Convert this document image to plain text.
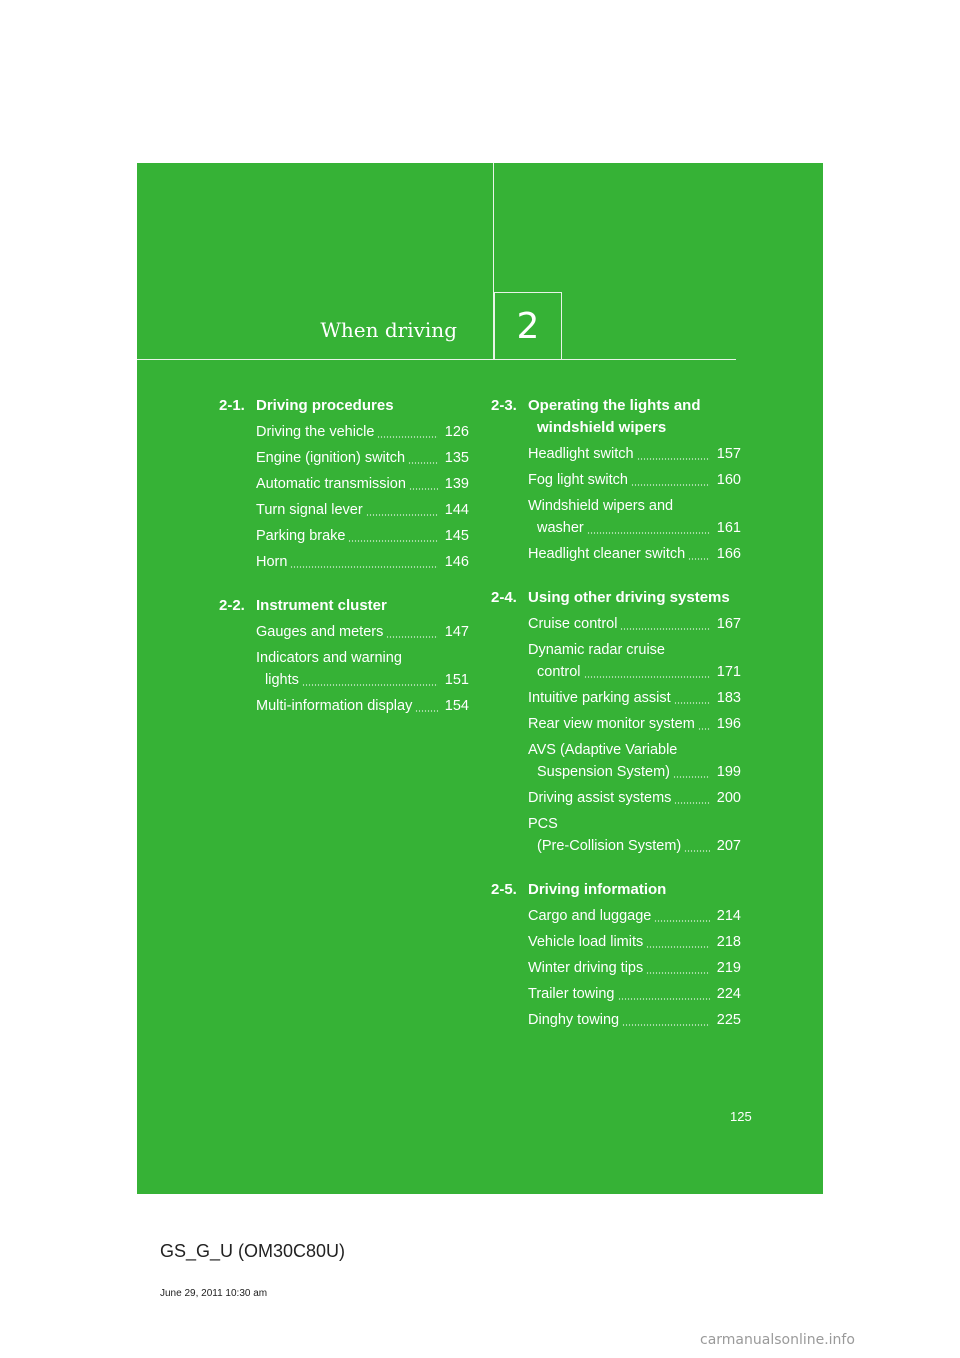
When driving	2
2-1. Driving procedures
Driving the vehicle	126
Engine (ignition) switch	135
Automatic transmission	139
Turn signal lever	144
Parking brake	145
Horn	146
2-2. Instrument cluster
Gauges and meters	147
Indicators and warning
lights	151
Multi-information display 154
2-3. Operating the lights and
windshield wipers
Headlight switch	157
Fog light switch	160
Windshield wipers and
washer	161
Headlight cleaner switch 166
2-4. Using other driving systems
Cruise control	167
Dynamic radar cruise
control	171
Intuitive parking assist	183
Rear view monitor system 196
AVS (Adaptive Variable
Suspension System)	199
Driving assist systems	200
PCS
(Pre-Collision System) 207
2-5. Driving information
Cargo and luggage	214
Vehicle load limits	218
Winter driving tips	219
Trailer towing	224
Dinghy towing	225
125
GS_G_U (OM30C80U)
June 29, 2011 10:30 am
carmanualsonline.info
